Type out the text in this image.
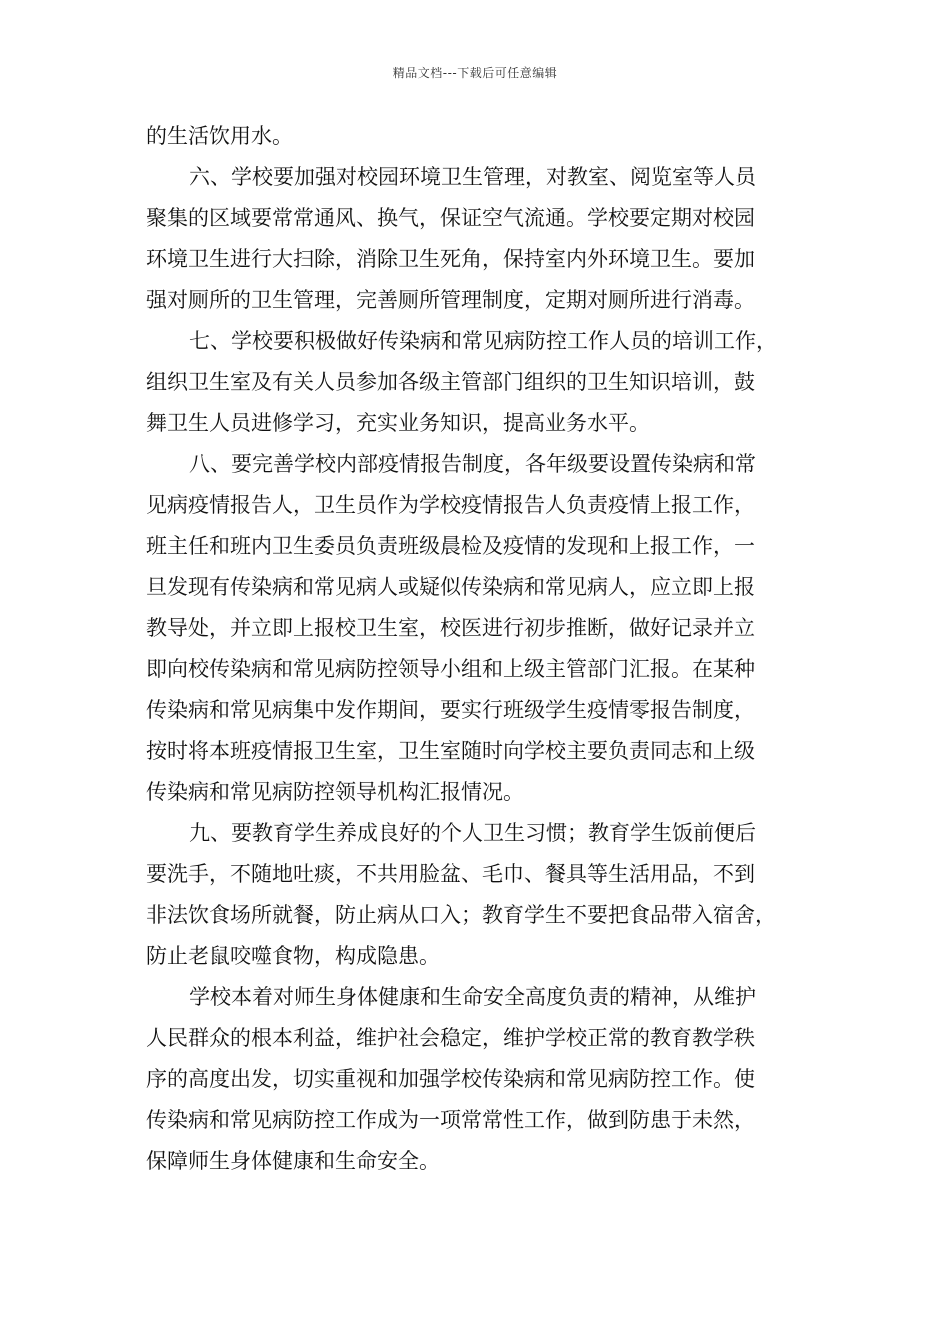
精品文档---下载后可任意编辑
的生活饮用水。
六、学校要加强对校园环境卫生管理，对教室、阅览室等人员
聚集的区域要常常通风、换气，保证空气流通。学校要定期对校园
环境卫生进行大扫除，消除卫生死角，保持室内外环境卫生。要加
强对厕所的卫生管理，完善厕所管理制度，定期对厕所进行消毒。
七、学校要积极做好传染病和常见病防控工作人员的培训工作，
组织卫生室及有关人员参加各级主管部门组织的卫生知识培训，鼓
舞卫生人员进修学习，充实业务知识，提高业务水平。
八、要完善学校内部疫情报告制度，各年级要设置传染病和常
见病疫情报告人，卫生员作为学校疫情报告人负责疫情上报工作，
班主任和班内卫生委员负责班级晨检及疫情的发现和上报工作，一
旦发现有传染病和常见病人或疑似传染病和常见病人，应立即上报
教导处，并立即上报校卫生室，校医进行初步推断，做好记录并立
即向校传染病和常见病防控领导小组和上级主管部门汇报。在某种
传染病和常见病集中发作期间，要实行班级学生疫情零报告制度，
按时将本班疫情报卫生室，卫生室随时向学校主要负责同志和上级
传染病和常见病防控领导机构汇报情况。
九、要教育学生养成良好的个人卫生习惯；教育学生饭前便后
要洗手，不随地吐痰，不共用脸盆、毛巾、餐具等生活用品，不到
非法饮食场所就餐，防止病从口入；教育学生不要把食品带入宿舍，
防止老鼠咬噬食物，构成隐患。
学校本着对师生身体健康和生命安全高度负责的精神，从维护
人民群众的根本利益，维护社会稳定，维护学校正常的教育教学秩
序的高度出发，切实重视和加强学校传染病和常见病防控工作。使
传染病和常见病防控工作成为一项常常性工作，做到防患于未然，
保障师生身体健康和生命安全。
